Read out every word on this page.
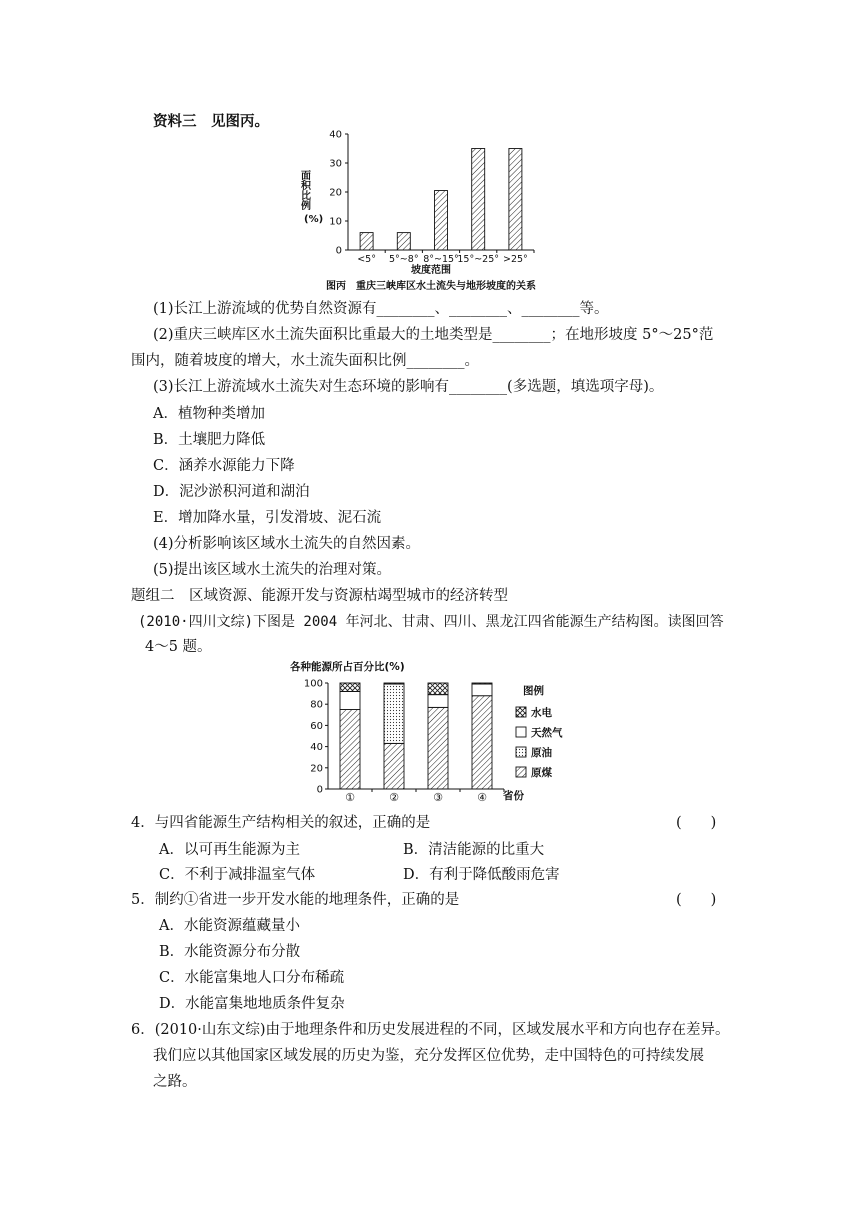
资料三　 见图丙。
0
10
20
30
40
<5° 5°~8° 8°~15°
15°~25° >25°
面积比例
(%)
坡度范围
图丙　重庆三峡库区水土流失与地形坡度的关系
(1)长江上游流域的优势自然资源有________、________、________等。
(2)重庆三峡库区水土流失面积比重最大的土地类型是________；在地形坡度 5°～25°范
围内，随着坡度的增大，水土流失面积比例________。
(3)长江上游流域水土流失对生态环境的影响有________(多选题，填选项字母)。
A．植物种类增加
B．土壤肥力降低
C．涵养水源能力下降
D．泥沙淤积河道和湖泊
E．增加降水量，引发滑坡、泥石流
(4)分析影响该区域水土流失的自然因素。
(5)提出该区域水土流失的治理对策。
题组二　区域资源、能源开发与资源枯竭型城市的经济转型
(2010·四川文综)下图是 2004 年河北、甘肃、四川、黑龙江四省能源生产结构图。读图回答
4～5 题。
各种能源所占百分比(%)
0
20
40
60
80
100
①	②	③	④
图例
水电
天然气
原油
原煤
省份
4．与四省能源生产结构相关的叙述，正确的是	(　　)
A．以可再生能源为主	B．清洁能源的比重大
C．不利于减排温室气体	D．有利于降低酸雨危害
5．制约①省进一步开发水能的地理条件，正确的是	(　　)
A．水能资源蕴藏量小
B．水能资源分布分散
C．水能富集地人口分布稀疏
D．水能富集地地质条件复杂
6．(2010·山东文综)由于地理条件和历史发展进程的不同，区域发展水平和方向也存在差异。
我们应以其他国家区域发展的历史为鉴，充分发挥区位优势，走中国特色的可持续发展
之路。
